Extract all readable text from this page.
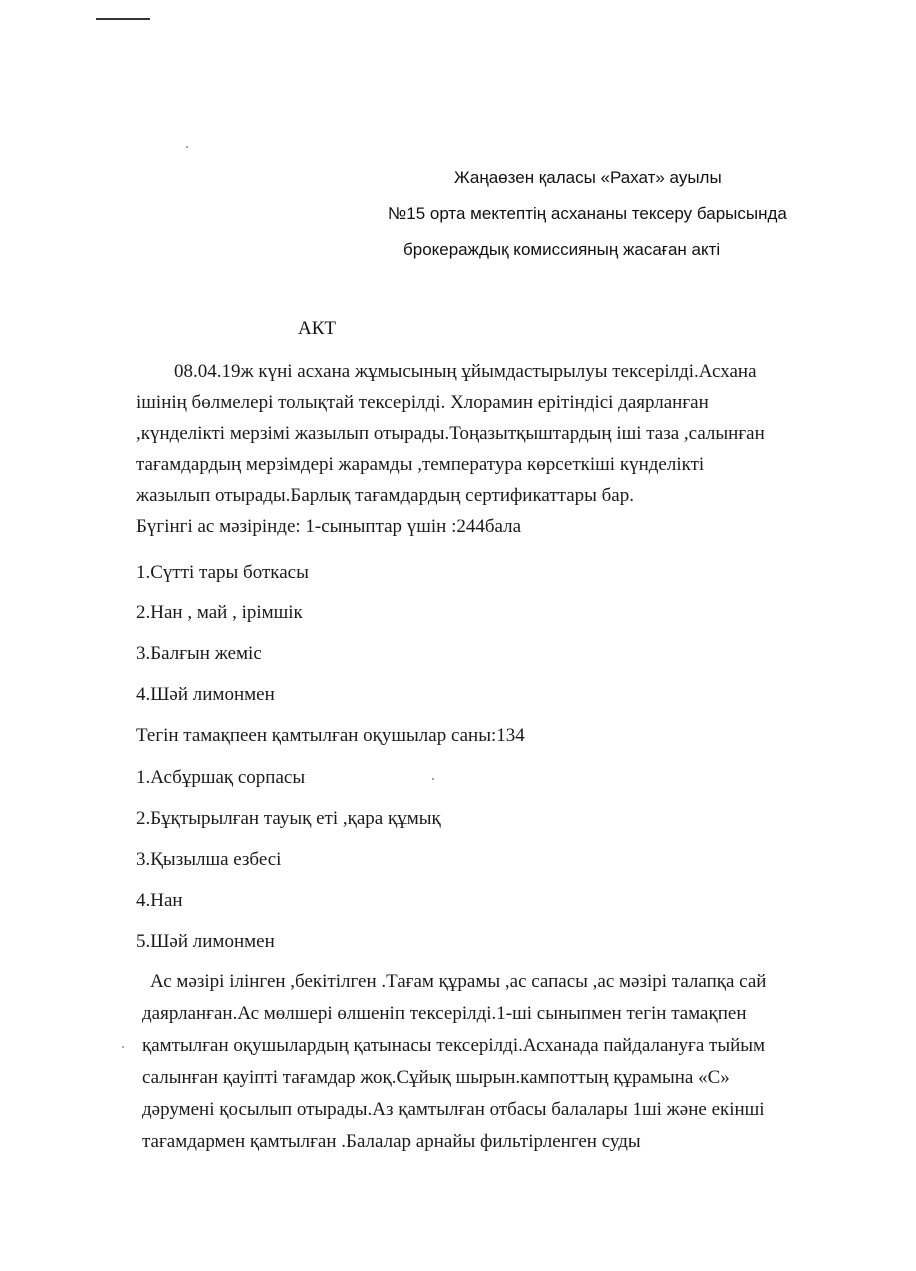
Жаңаөзен қаласы «Рахат» ауылы
№15 орта мектептің асхананы тексеру барысында
брокераждық комиссияның жасаған акті
АКТ
08.04.19ж күні асхана жұмысының ұйымдастырылуы тексерілді.Асхана
ішінің бөлмелері толықтай тексерілді. Хлорамин ерітіндісі даярланған
,күнделікті мерзімі жазылып отырады.Тоңазытқыштардың іші таза ,салынған
тағамдардың мерзімдері жарамды ,температура көрсеткіші күнделікті
жазылып отырады.Барлық тағамдардың сертификаттары бар.
Бүгінгі ас мәзірінде: 1-сыныптар үшін :244бала
1.Сүтті тары боткасы
2.Нан , май , ірімшік
3.Балғын жеміс
4.Шәй лимонмен
Тегін тамақпеен қамтылған оқушылар саны:134
1.Асбұршақ сорпасы
2.Бұқтырылған тауық еті ,қара құмық
3.Қызылша езбесі
4.Нан
5.Шәй лимонмен
Ас мәзірі ілінген ,бекітілген .Тағам құрамы ,ас сапасы ,ас мәзірі талапқа сай
даярланған.Ас мөлшері өлшеніп тексерілді.1-ші сыныпмен тегін тамақпен
қамтылған оқушылардың қатынасы тексерілді.Асханада пайдалануға тыйым
салынған қауіпті тағамдар жоқ.Сұйық шырын.кампоттың құрамына «С»
дәрумені қосылып отырады.Аз қамтылған отбасы балалары 1ші және екінші
тағамдармен қамтылған .Балалар арнайы фильтірленген суды
